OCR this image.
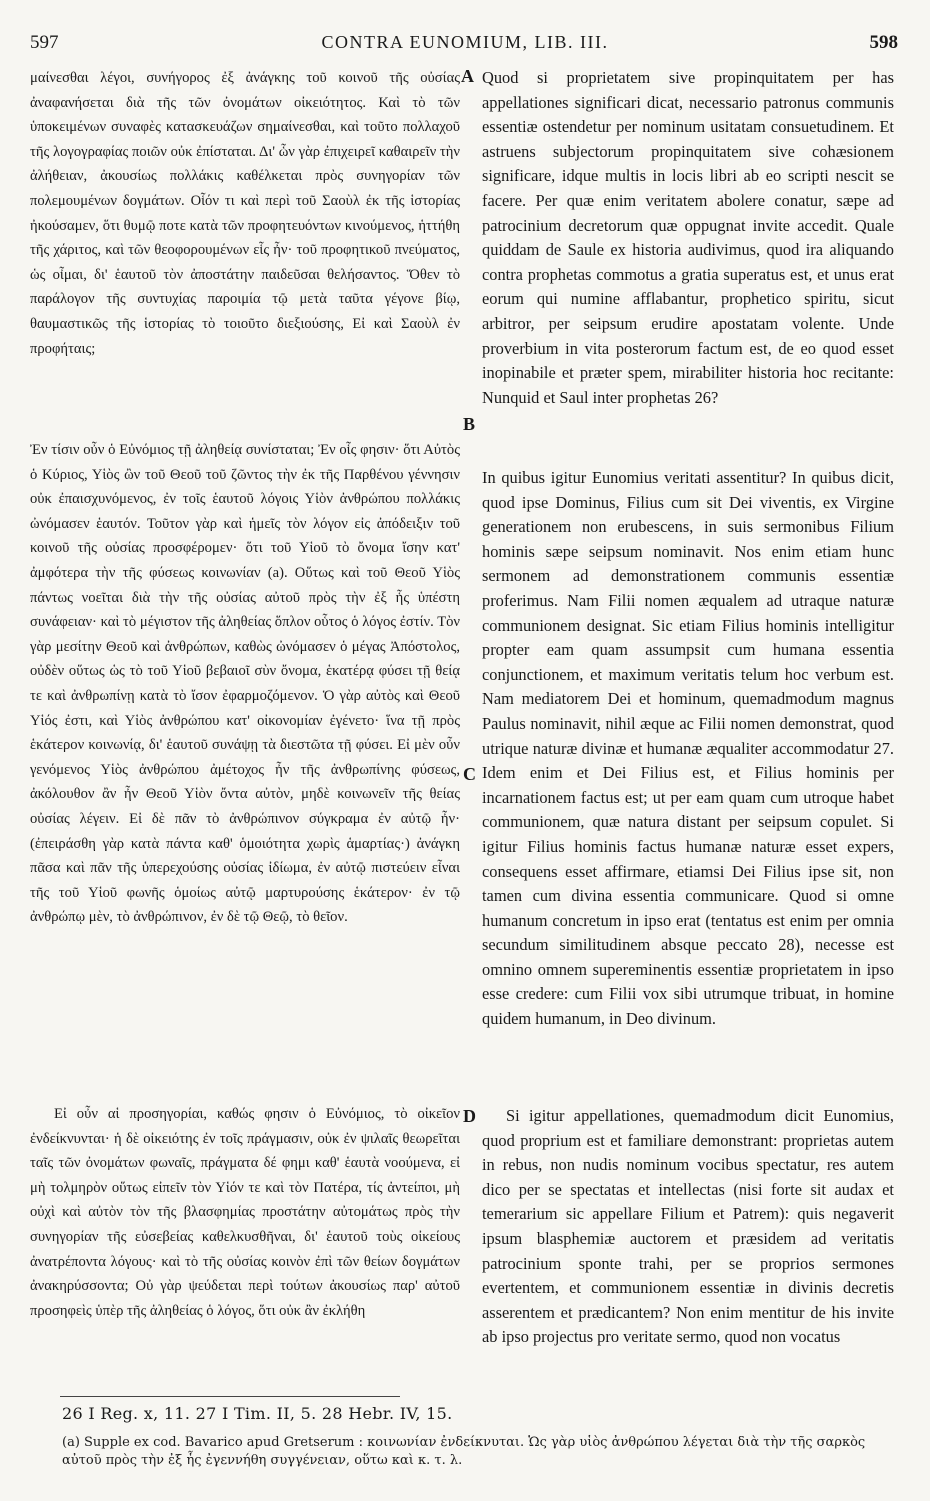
597	CONTRA EUNOMIUM, LIB. III.	598

μαίνεσθαι λέγοι, συνήγορος ἐξ ἀνάγκης τοῦ κοινοῦ τῆς οὐσίας ἀναφανήσεται διὰ τῆς τῶν ὀνομάτων οἰκειότητος. Καὶ τὸ τῶν ὑποκειμένων συναφὲς κατασκευάζων σημαίνεσθαι, καὶ τοῦτο πολλαχοῦ τῆς λογογραφίας ποιῶν οὐκ ἐπίσταται. Δι' ὧν γὰρ ἐπιχειρεῖ καθαιρεῖν τὴν ἀλήθειαν, ἀκουσίως πολλάκις καθέλκεται πρὸς συνηγορίαν τῶν πολεμουμένων δογμάτων. Οἷόν τι καὶ περὶ τοῦ Σαοὺλ ἐκ τῆς ἱστορίας ἠκούσαμεν, ὅτι θυμῷ ποτε κατὰ τῶν προφητευόντων κινούμενος, ἡττήθη τῆς χάριτος, καὶ τῶν θεοφορουμένων εἷς ἦν· τοῦ προφητικοῦ πνεύματος, ὡς οἶμαι, δι' ἑαυτοῦ τὸν ἀποστάτην παιδεῦσαι θελήσαντος. Ὅθεν τὸ παράλογον τῆς συντυχίας παροιμία τῷ μετὰ ταῦτα γέγονε βίῳ, θαυμαστικῶς τῆς ἱστορίας τὸ τοιοῦτο διεξιούσης, Εἰ καὶ Σαοὺλ ἐν προφήταις;

Ἐν τίσιν οὖν ὁ Εὐνόμιος τῇ ἀληθείᾳ συνίσταται; Ἐν οἷς φησιν· ὅτι Αὐτὸς ὁ Κύριος, Υἱὸς ὢν τοῦ Θεοῦ τοῦ ζῶντος τὴν ἐκ τῆς Παρθένου γέννησιν οὐκ ἐπαισχυνόμενος, ἐν τοῖς ἑαυτοῦ λόγοις Υἱὸν ἀνθρώπου πολλάκις ὠνόμασεν ἑαυτόν. Τοῦτον γὰρ καὶ ἡμεῖς τὸν λόγον εἰς ἀπόδειξιν τοῦ κοινοῦ τῆς οὐσίας προσφέρομεν· ὅτι τοῦ Υἱοῦ τὸ ὄνομα ἴσην κατ' ἀμφότερα τὴν τῆς φύσεως κοινωνίαν (a). Οὕτως καὶ τοῦ Θεοῦ Υἱὸς πάντως νοεῖται διὰ τὴν τῆς οὐσίας αὐτοῦ πρὸς τὴν ἐξ ἧς ὑπέστη συνάφειαν· καὶ τὸ μέγιστον τῆς ἀληθείας ὅπλον οὗτος ὁ λόγος ἐστίν. Τὸν γὰρ μεσίτην Θεοῦ καὶ ἀνθρώπων, καθὼς ὠνόμασεν ὁ μέγας Ἀπόστολος, οὐδὲν οὕτως ὡς τὸ τοῦ Υἱοῦ βεβαιοῖ σὺν ὄνομα, ἑκατέρᾳ φύσει τῇ θείᾳ τε καὶ ἀνθρωπίνῃ κατὰ τὸ ἴσον ἐφαρμοζόμενον. Ὁ γὰρ αὐτὸς καὶ Θεοῦ Υἱός ἐστι, καὶ Υἱὸς ἀνθρώπου κατ' οἰκονομίαν ἐγένετο· ἵνα τῇ πρὸς ἑκάτερον κοινωνίᾳ, δι' ἑαυτοῦ συνάψῃ τὰ διεστῶτα τῇ φύσει. Εἰ μὲν οὖν γενόμενος Υἱὸς ἀνθρώπου ἀμέτοχος ἦν τῆς ἀνθρωπίνης φύσεως, ἀκόλουθον ἂν ἦν Θεοῦ Υἱὸν ὄντα αὐτὸν, μηδὲ κοινωνεῖν τῆς θείας οὐσίας λέγειν. Εἰ δὲ πᾶν τὸ ἀνθρώπινον σύγκραμα ἐν αὐτῷ ἦν· (ἐπειράσθη γὰρ κατὰ πάντα καθ' ὁμοιότητα χωρὶς ἁμαρτίας·) ἀνάγκη πᾶσα καὶ πᾶν τῆς ὑπερεχούσης οὐσίας ἰδίωμα, ἐν αὐτῷ πιστεύειν εἶναι τῆς τοῦ Υἱοῦ φωνῆς ὁμοίως αὐτῷ μαρτυρούσης ἑκάτερον· ἐν τῷ ἀνθρώπῳ μὲν, τὸ ἀνθρώπινον, ἐν δὲ τῷ Θεῷ, τὸ θεῖον.

Εἰ οὖν αἱ προσηγορίαι, καθώς φησιν ὁ Εὐνόμιος, τὸ οἰκεῖον ἐνδείκνυνται· ἡ δὲ οἰκειότης ἐν τοῖς πράγμασιν, οὐκ ἐν ψιλαῖς θεωρεῖται ταῖς τῶν ὀνομάτων φωναῖς, πράγματα δέ φημι καθ' ἑαυτὰ νοούμενα, εἰ μὴ τολμηρὸν οὕτως εἰπεῖν τὸν Υἱόν τε καὶ τὸν Πατέρα, τίς ἀντείποι, μὴ οὐχὶ καὶ αὐτὸν τὸν τῆς βλασφημίας προστάτην αὐτομάτως πρὸς τὴν συνηγορίαν τῆς εὐσεβείας καθελκυσθῆναι, δι' ἑαυτοῦ τοὺς οἰκείους ἀνατρέποντα λόγους· καὶ τὸ τῆς οὐσίας κοινὸν ἐπὶ τῶν θείων δογμάτων ἀνακηρύσσοντα; Οὐ γὰρ ψεύδεται περὶ τούτων ἀκουσίως παρ' αὐτοῦ προσηφεὶς ὑπὲρ τῆς ἀληθείας ὁ λόγος, ὅτι οὐκ ἂν ἐκλήθη

A
B
C
D

Quod si proprietatem sive propinquitatem per has appellationes significari dicat, necessario patronus communis essentiæ ostendetur per nominum usitatam consuetudinem. Et astruens subjectorum propinquitatem sive cohæsionem significare, idque multis in locis libri ab eo scripti nescit se facere. Per quæ enim veritatem abolere conatur, sæpe ad patrocinium decretorum quæ oppugnat invite accedit. Quale quiddam de Saule ex historia audivimus, quod ira aliquando contra prophetas commotus a gratia superatus est, et unus erat eorum qui numine afflabantur, prophetico spiritu, sicut arbitror, per seipsum erudire apostatam volente. Unde proverbium in vita posterorum factum est, de eo quod esset inopinabile et præter spem, mirabiliter historia hoc recitante: Nunquid et Saul inter prophetas 26?

In quibus igitur Eunomius veritati assentitur? In quibus dicit, quod ipse Dominus, Filius cum sit Dei viventis, ex Virgine generationem non erubescens, in suis sermonibus Filium hominis sæpe seipsum nominavit. Nos enim etiam hunc sermonem ad demonstrationem communis essentiæ proferimus. Nam Filii nomen æqualem ad utraque naturæ communionem designat. Sic etiam Filius hominis intelligitur propter eam quam assumpsit cum humana essentia conjunctionem, et maximum veritatis telum hoc verbum est. Nam mediatorem Dei et hominum, quemadmodum magnus Paulus nominavit, nihil æque ac Filii nomen demonstrat, quod utrique naturæ divinæ et humanæ æqualiter accommodatur 27. Idem enim et Dei Filius est, et Filius hominis per incarnationem factus est; ut per eam quam cum utroque habet communionem, quæ natura distant per seipsum copulet. Si igitur Filius hominis factus humanæ naturæ esset expers, consequens esset affirmare, etiamsi Dei Filius ipse sit, non tamen cum divina essentia communicare. Quod si omne humanum concretum in ipso erat (tentatus est enim per omnia secundum similitudinem absque peccato 28), necesse est omnino omnem supereminentis essentiæ proprietatem in ipso esse credere: cum Filii vox sibi utrumque tribuat, in homine quidem humanum, in Deo divinum.

Si igitur appellationes, quemadmodum dicit Eunomius, quod proprium est et familiare demonstrant: proprietas autem in rebus, non nudis nominum vocibus spectatur, res autem dico per se spectatas et intellectas (nisi forte sit audax et temerarium sic appellare Filium et Patrem): quis negaverit ipsum blasphemiæ auctorem et præsidem ad veritatis patrocinium sponte trahi, per se proprios sermones evertentem, et communionem essentiæ in divinis decretis asserentem et prædicantem? Non enim mentitur de his invite ab ipso projectus pro veritate sermo, quod non vocatus

26 I Reg. x, 11. 27 I Tim. II, 5. 28 Hebr. IV, 15.
(a) Supple ex cod. Bavarico apud Gretserum : κοινωνίαν ἐνδείκνυται. Ὡς γὰρ υἱὸς ἀνθρώπου λέγεται διὰ τὴν τῆς σαρκὸς αὐτοῦ πρὸς τὴν ἐξ ἧς ἐγεννήθη συγγένειαν, οὕτω καὶ κ. τ. λ.
